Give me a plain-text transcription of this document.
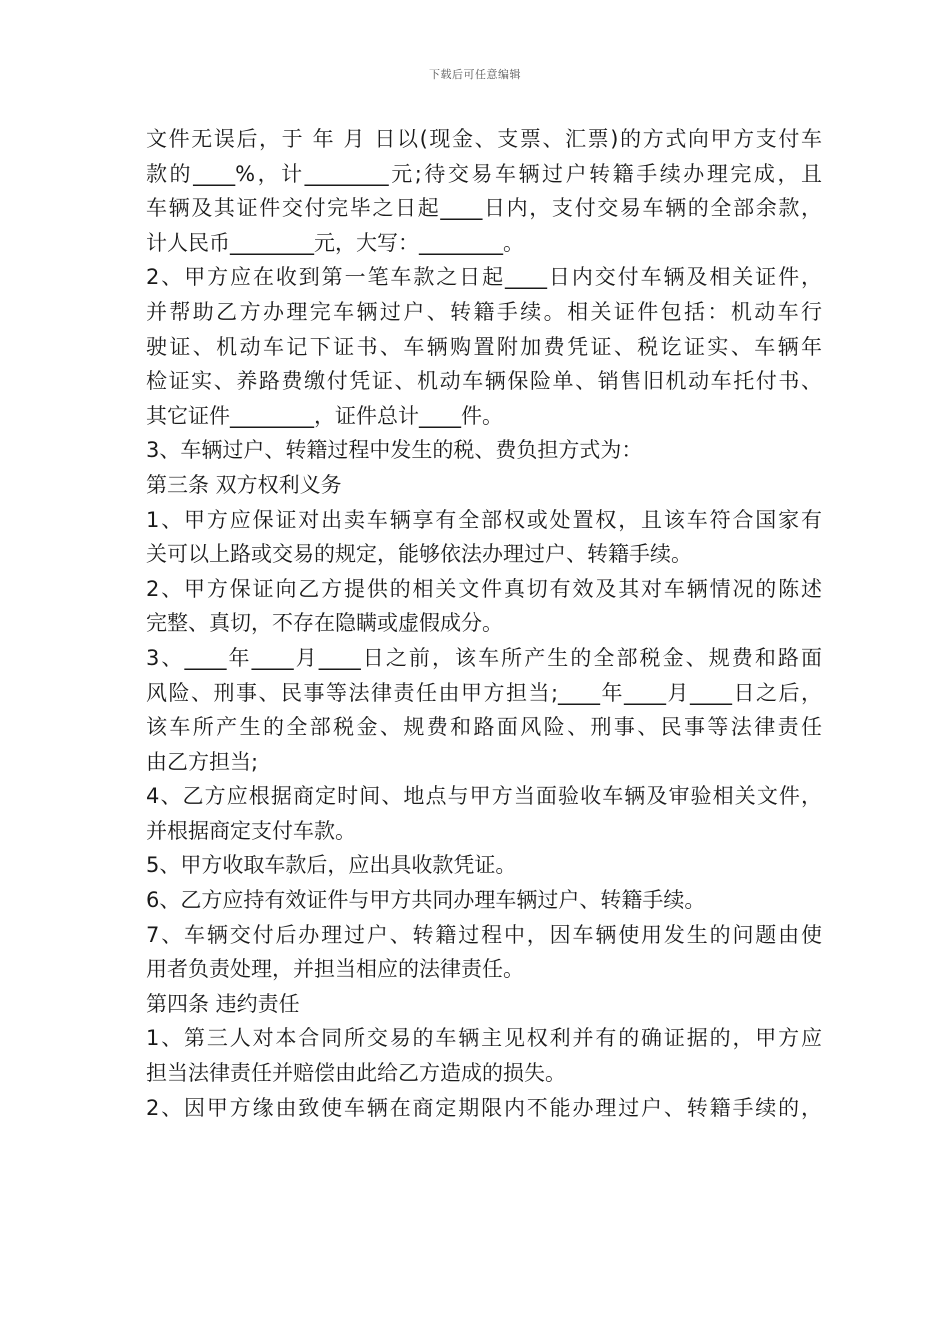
下载后可任意编辑
文件无误后，于 年 月 日以(现金、支票、汇票)的方式向甲方支付车
款的____%，计________元;待交易车辆过户转籍手续办理完成，且
车辆及其证件交付完毕之日起____日内，支付交易车辆的全部余款，
计人民币________元，大写：________。
2、甲方应在收到第一笔车款之日起____日内交付车辆及相关证件，
并帮助乙方办理完车辆过户、转籍手续。相关证件包括：机动车行
驶证、机动车记下证书、车辆购置附加费凭证、税讫证实、车辆年
检证实、养路费缴付凭证、机动车辆保险单、销售旧机动车托付书、
其它证件________，证件总计____件。
3、车辆过户、转籍过程中发生的税、费负担方式为：
第三条 双方权利义务
1、甲方应保证对出卖车辆享有全部权或处置权，且该车符合国家有
关可以上路或交易的规定，能够依法办理过户、转籍手续。
2、甲方保证向乙方提供的相关文件真切有效及其对车辆情况的陈述
完整、真切，不存在隐瞒或虚假成分。
3、____年____月____日之前，该车所产生的全部税金、规费和路面
风险、刑事、民事等法律责任由甲方担当;____年____月____日之后，
该车所产生的全部税金、规费和路面风险、刑事、民事等法律责任
由乙方担当;
4、乙方应根据商定时间、地点与甲方当面验收车辆及审验相关文件，
并根据商定支付车款。
5、甲方收取车款后，应出具收款凭证。
6、乙方应持有效证件与甲方共同办理车辆过户、转籍手续。
7、车辆交付后办理过户、转籍过程中，因车辆使用发生的问题由使
用者负责处理，并担当相应的法律责任。
第四条 违约责任
1、第三人对本合同所交易的车辆主见权利并有的确证据的，甲方应
担当法律责任并赔偿由此给乙方造成的损失。
2、因甲方缘由致使车辆在商定期限内不能办理过户、转籍手续的，
